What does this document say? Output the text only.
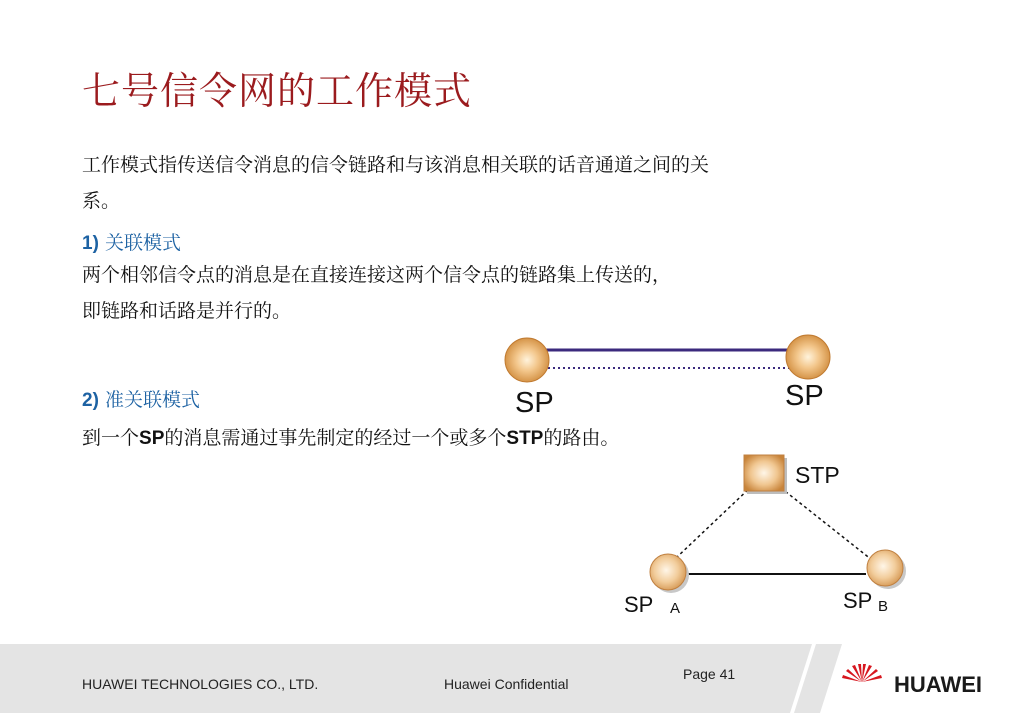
七号信令网的工作模式
工作模式指传送信令消息的信令链路和与该消息相关联的话音通道之间的关
系。
1) 关联模式
两个相邻信令点的消息是在直接连接这两个信令点的链路集上传送的，
即链路和话路是并行的。
2) 准关联模式
到一个SP的消息需通过事先制定的经过一个或多个STP的路由。
SP	SP
STP
SP A	SP B
HUAWEI TECHNOLOGIES CO., LTD.	Huawei Confidential
Page 41	HUAWEI
